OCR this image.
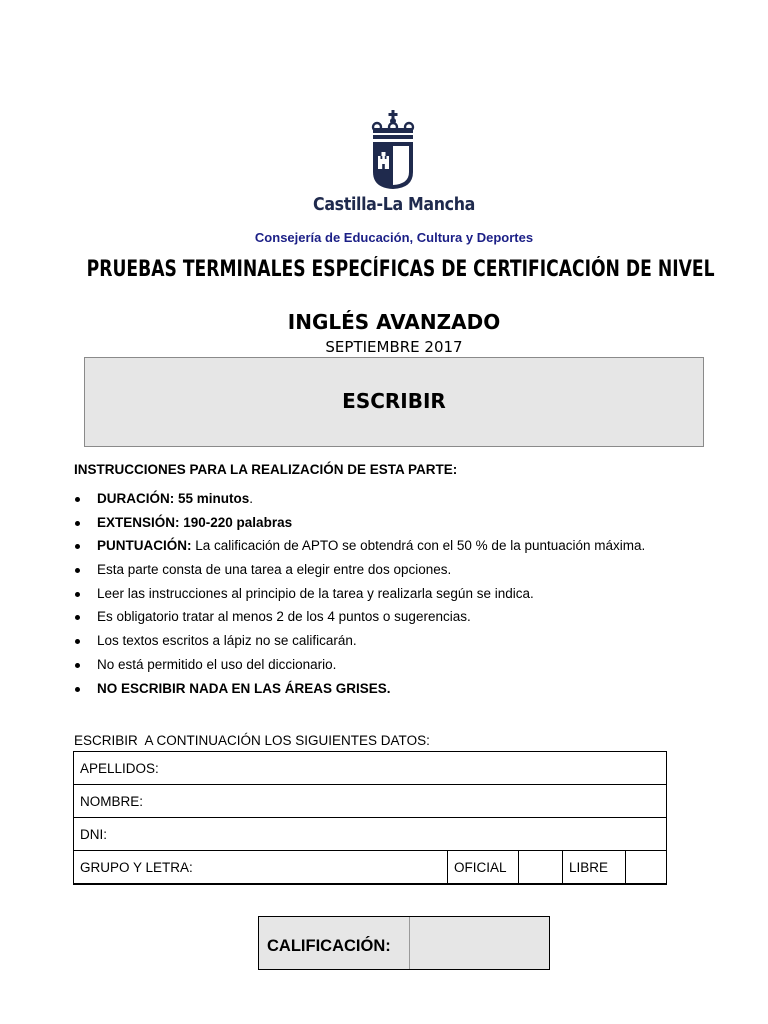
Castilla-La Mancha
Consejería de Educación, Cultura y Deportes
PRUEBAS TERMINALES ESPECÍFICAS DE CERTIFICACIÓN DE NIVEL
INGLÉS AVANZADO
SEPTIEMBRE 2017
ESCRIBIR
INSTRUCCIONES PARA LA REALIZACIÓN DE ESTA PARTE:
DURACIÓN: 55 minutos.
EXTENSIÓN: 190-220 palabras
PUNTUACIÓN: La calificación de APTO se obtendrá con el 50 % de la puntuación máxima.
Esta parte consta de una tarea a elegir entre dos opciones.
Leer las instrucciones al principio de la tarea y realizarla según se indica.
Es obligatorio tratar al menos 2 de los 4 puntos o sugerencias.
Los textos escritos a lápiz no se calificarán.
No está permitido el uso del diccionario.
NO ESCRIBIR NADA EN LAS ÁREAS GRISES.
ESCRIBIR  A CONTINUACIÓN LOS SIGUIENTES DATOS:
APELLIDOS:
NOMBRE:
DNI:
GRUPO Y LETRA:	OFICIAL		LIBRE	
CALIFICACIÓN:
